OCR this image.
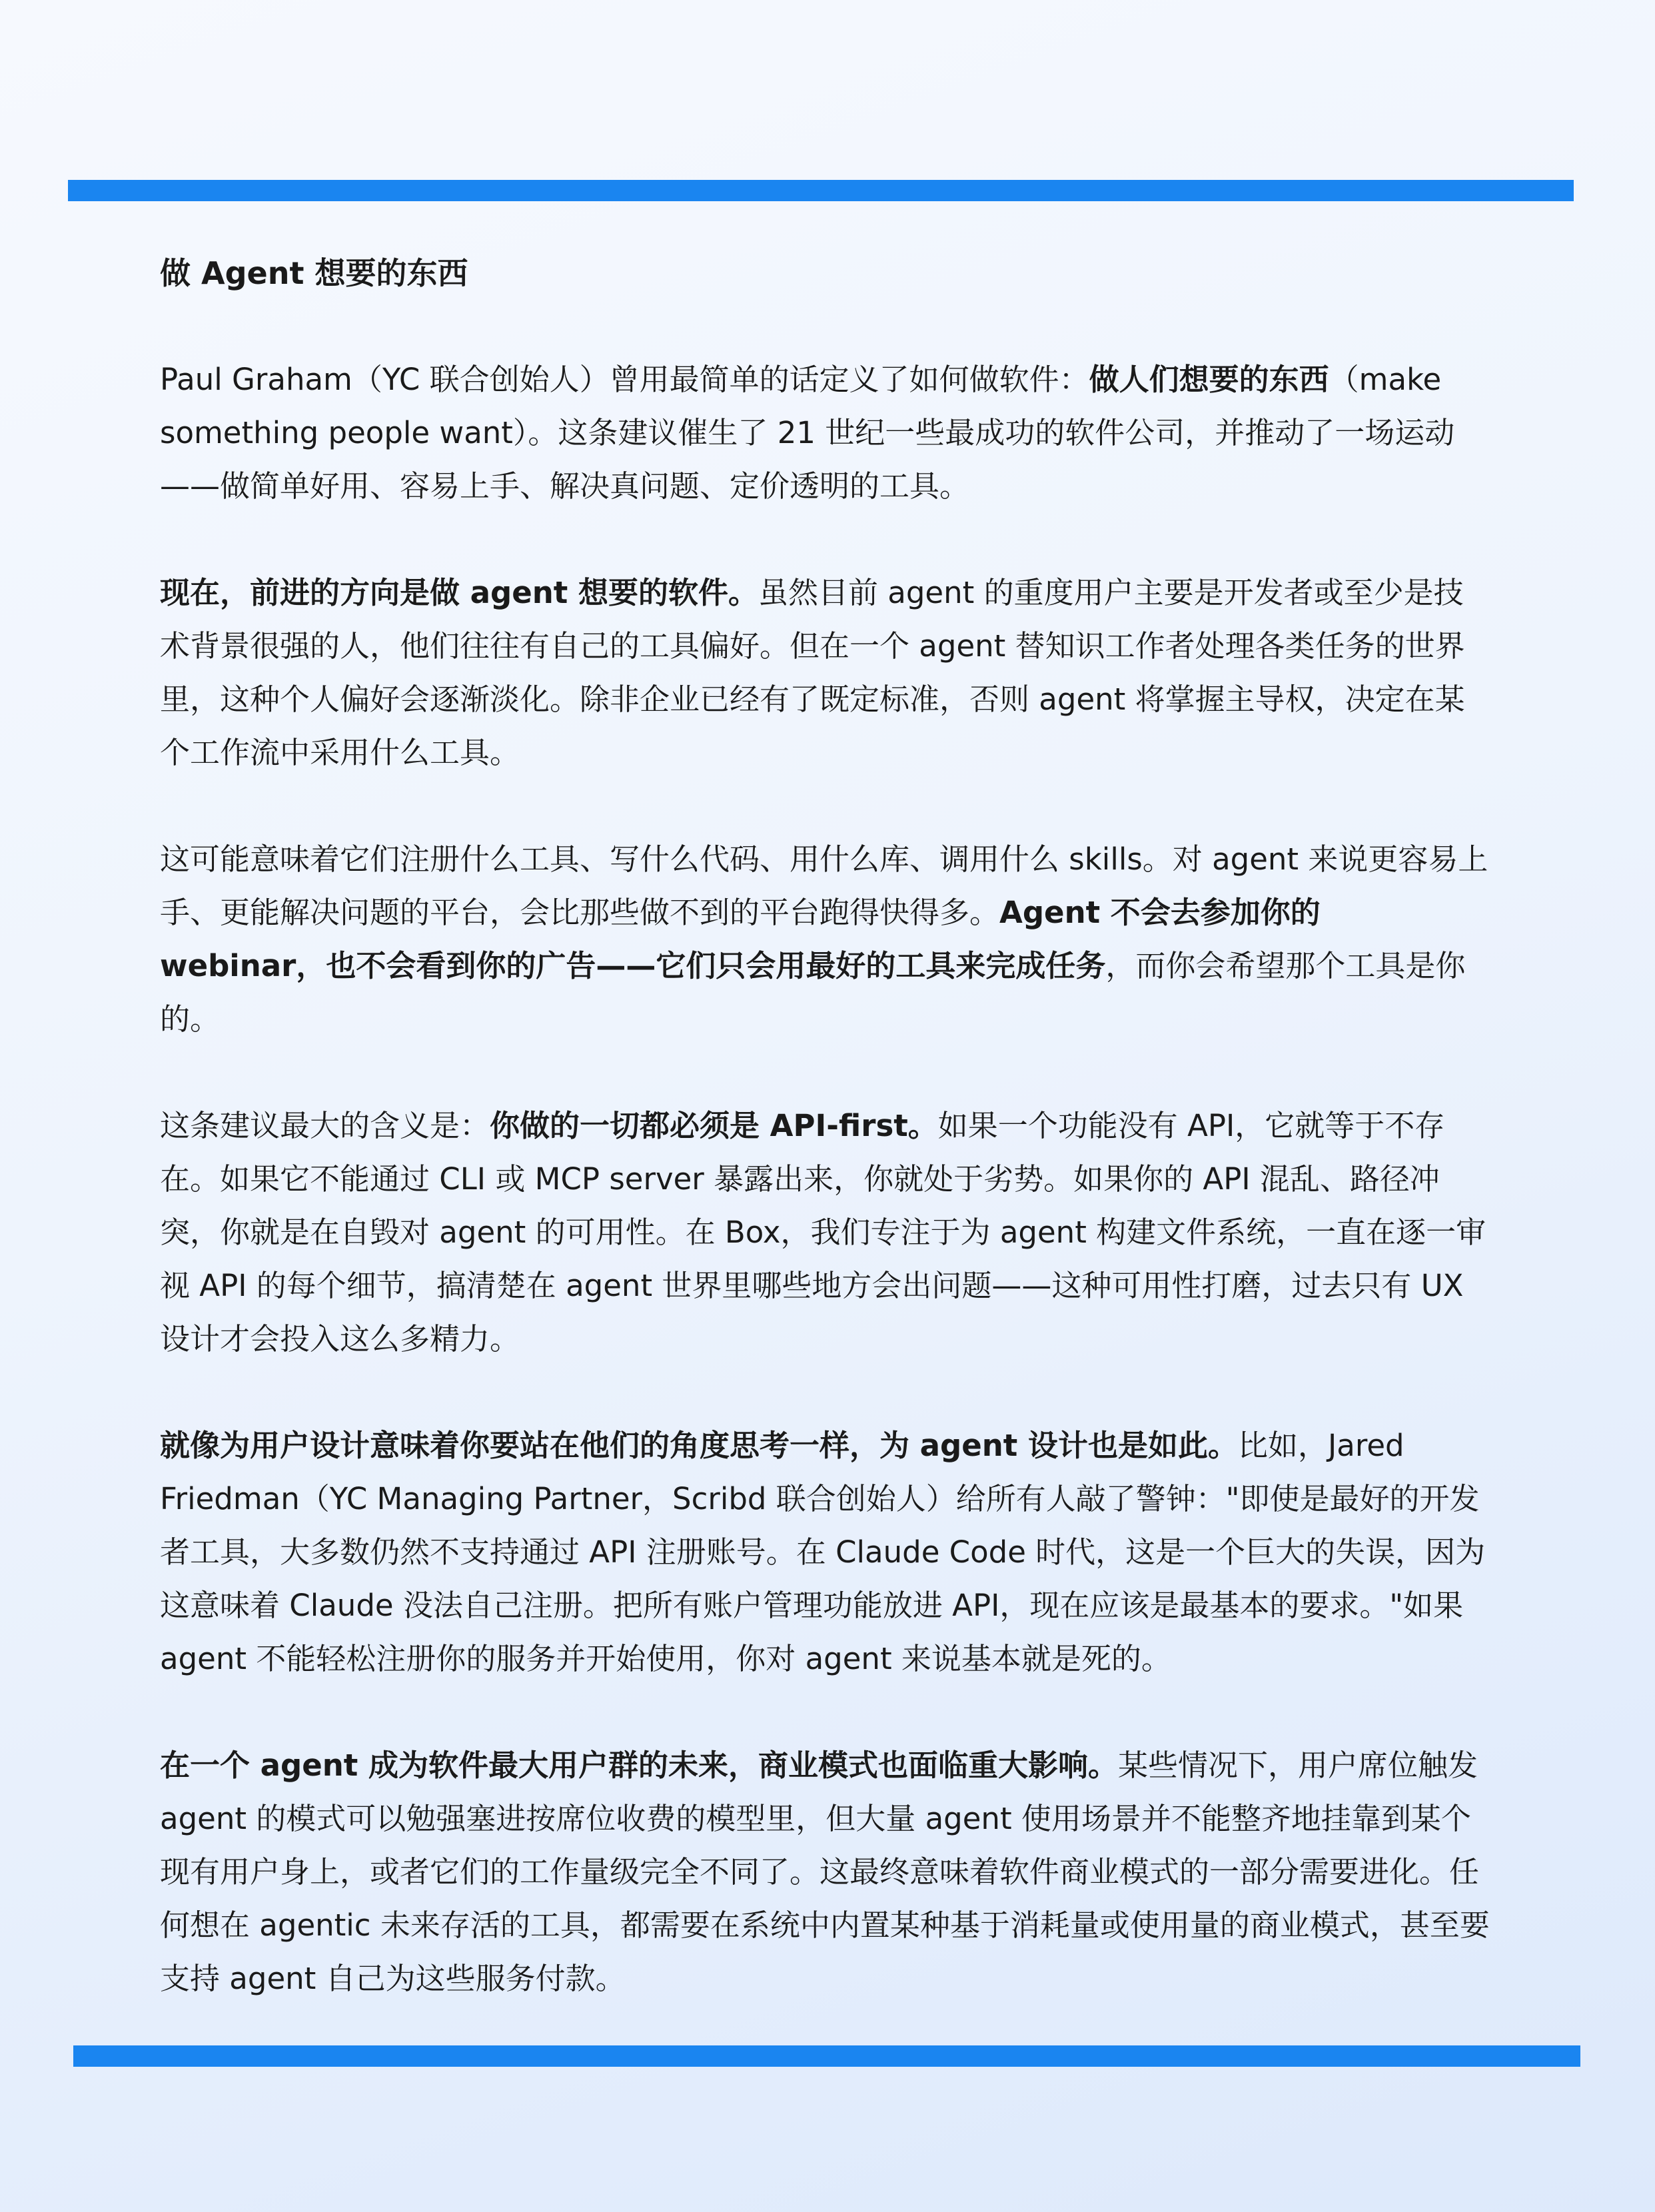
做 Agent 想要的东西

Paul Graham（YC 联合创始人）曾用最简单的话定义了如何做软件：做人们想要的东西（make something people want）。这条建议催生了 21 世纪一些最成功的软件公司，并推动了一场运动——做简单好用、容易上手、解决真问题、定价透明的工具。

现在，前进的方向是做 agent 想要的软件。虽然目前 agent 的重度用户主要是开发者或至少是技术背景很强的人，他们往往有自己的工具偏好。但在一个 agent 替知识工作者处理各类任务的世界里，这种个人偏好会逐渐淡化。除非企业已经有了既定标准，否则 agent 将掌握主导权，决定在某个工作流中采用什么工具。

这可能意味着它们注册什么工具、写什么代码、用什么库、调用什么 skills。对 agent 来说更容易上手、更能解决问题的平台，会比那些做不到的平台跑得快得多。Agent 不会去参加你的 webinar，也不会看到你的广告——它们只会用最好的工具来完成任务，而你会希望那个工具是你的。

这条建议最大的含义是：你做的一切都必须是 API-first。如果一个功能没有 API，它就等于不存在。如果它不能通过 CLI 或 MCP server 暴露出来，你就处于劣势。如果你的 API 混乱、路径冲突，你就是在自毁对 agent 的可用性。在 Box，我们专注于为 agent 构建文件系统，一直在逐一审视 API 的每个细节，搞清楚在 agent 世界里哪些地方会出问题——这种可用性打磨，过去只有 UX 设计才会投入这么多精力。

就像为用户设计意味着你要站在他们的角度思考一样，为 agent 设计也是如此。比如，Jared Friedman（YC Managing Partner，Scribd 联合创始人）给所有人敲了警钟："即使是最好的开发者工具，大多数仍然不支持通过 API 注册账号。在 Claude Code 时代，这是一个巨大的失误，因为这意味着 Claude 没法自己注册。把所有账户管理功能放进 API，现在应该是最基本的要求。"如果 agent 不能轻松注册你的服务并开始使用，你对 agent 来说基本就是死的。

在一个 agent 成为软件最大用户群的未来，商业模式也面临重大影响。某些情况下，用户席位触发 agent 的模式可以勉强塞进按席位收费的模型里，但大量 agent 使用场景并不能整齐地挂靠到某个现有用户身上，或者它们的工作量级完全不同了。这最终意味着软件商业模式的一部分需要进化。任何想在 agentic 未来存活的工具，都需要在系统中内置某种基于消耗量或使用量的商业模式，甚至要支持 agent 自己为这些服务付款。
